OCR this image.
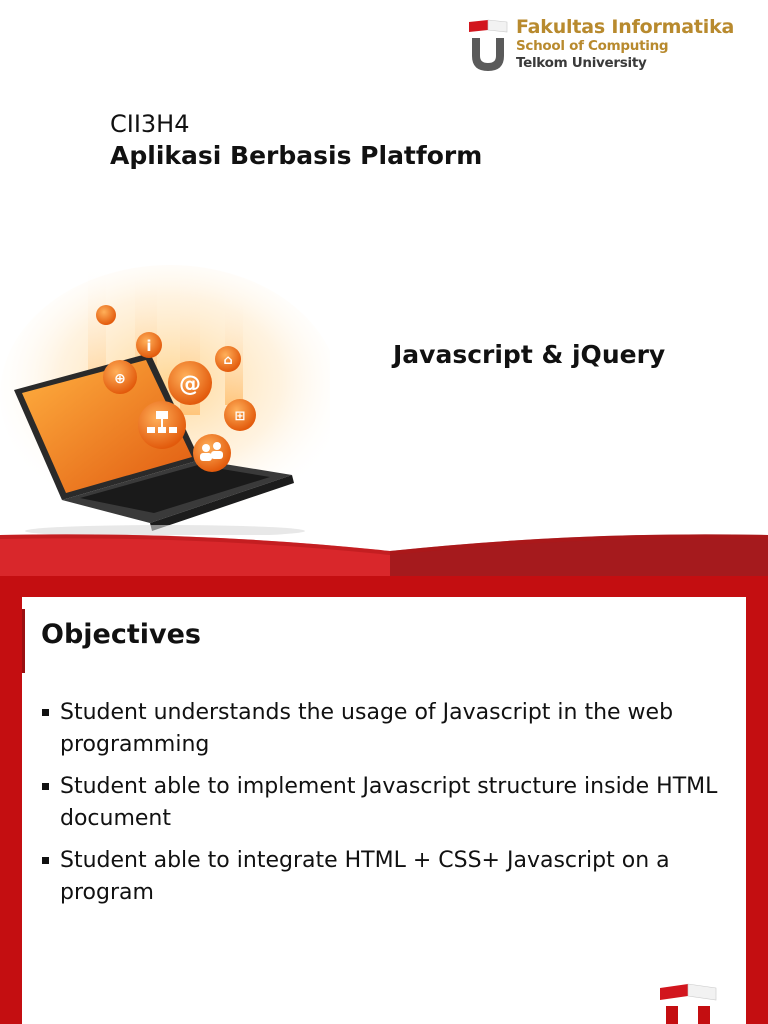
Fakultas Informatika
School of Computing
Telkom University
CII3H4
Aplikasi Berbasis Platform
i
@
⊕
⌂
⊞
Javascript & jQuery
Objectives
Student understands the usage of Javascript in the web programming
Student able to implement Javascript structure inside HTML document
Student able to integrate HTML + CSS+ Javascript on a program
